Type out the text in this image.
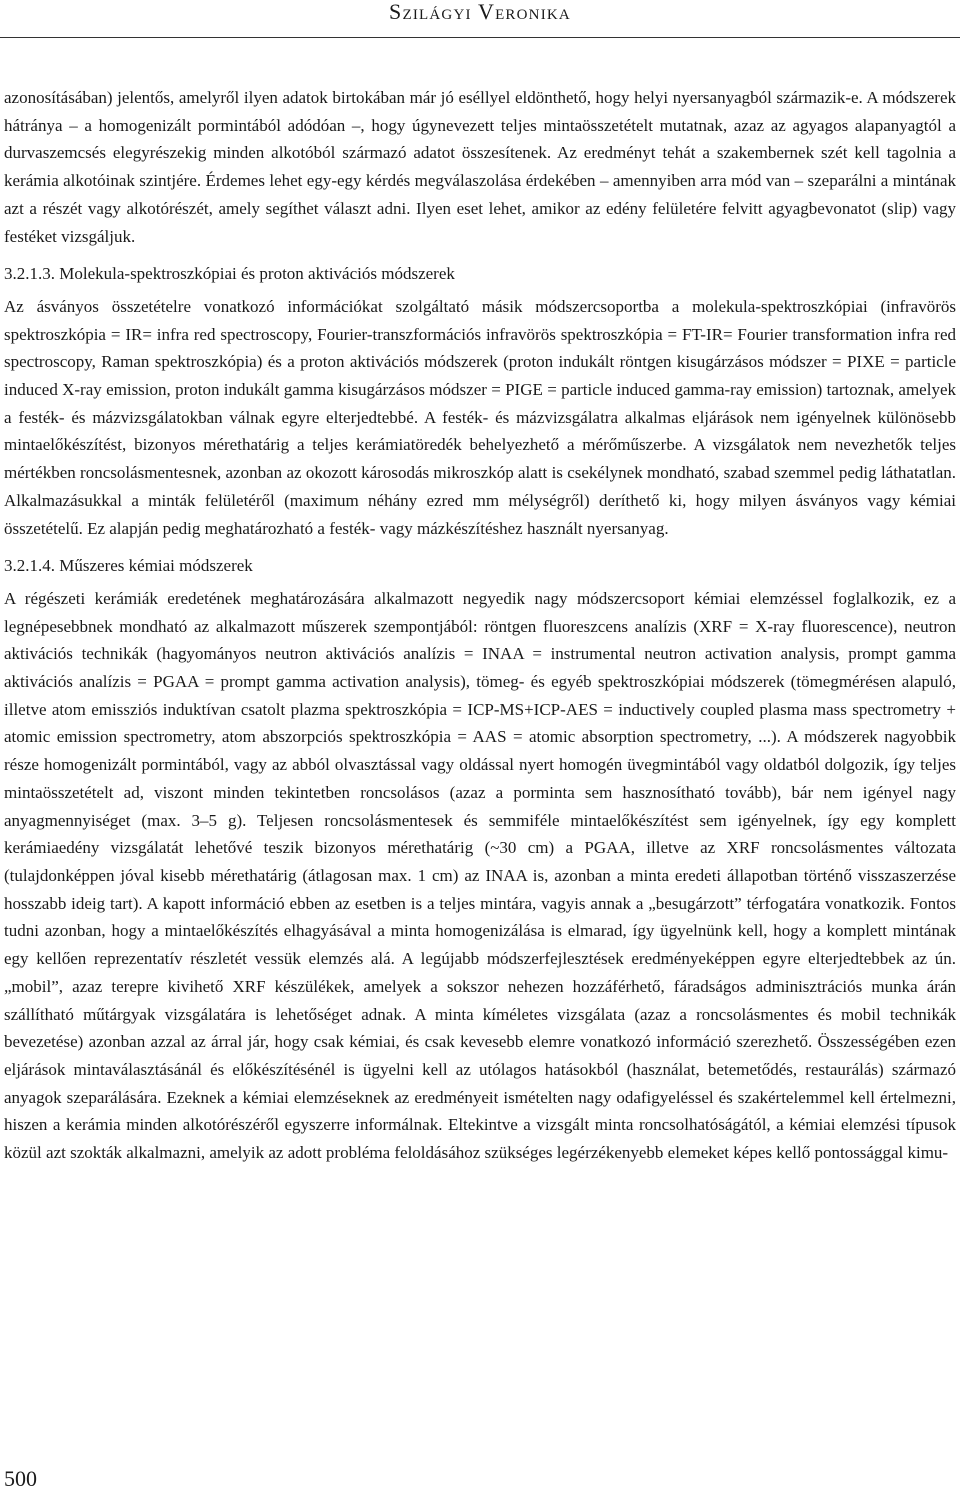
Szilágyi Veronika

azonosításában) jelentős, amelyről ilyen adatok birtokában már jó eséllyel eldönthető, hogy helyi nyersanyagból származik-e. A módszerek hátránya – a homogenizált pormintából adódóan –, hogy úgynevezett teljes mintaösszetételt mutatnak, azaz az agyagos alapanyagtól a durvaszemcsés elegyrészekig minden alkotóból származó adatot összesítenek. Az eredményt tehát a szakembernek szét kell tagolnia a kerámia alkotóinak szintjére. Érdemes lehet egy-egy kérdés megválaszolása érdekében – amennyiben arra mód van – szeparálni a mintának azt a részét vagy alkotórészét, amely segíthet választ adni. Ilyen eset lehet, amikor az edény felületére felvitt agyagbevonatot (slip) vagy festéket vizsgáljuk.

3.2.1.3. Molekula-spektroszkópiai és proton aktivációs módszerek

Az ásványos összetételre vonatkozó információkat szolgáltató másik módszercsoportba a molekula-spektroszkópiai (infravörös spektroszkópia = IR= infra red spectroscopy, Fourier-transzformációs infravörös spektroszkópia = FT-IR= Fourier transformation infra red spectroscopy, Raman spektroszkópia) és a proton aktivációs módszerek (proton indukált röntgen kisugárzásos módszer = PIXE = particle induced X-ray emission, proton indukált gamma kisugárzásos módszer = PIGE = particle induced gamma-ray emission) tartoznak, amelyek a festék- és mázvizsgálatokban válnak egyre elterjedtebbé. A festék- és mázvizsgálatra alkalmas eljárások nem igényelnek különösebb mintaelőkészítést, bizonyos mérethatárig a teljes kerámiatöredék behelyezhető a mérőműszerbe. A vizsgálatok nem nevezhetők teljes mértékben roncsolásmentesnek, azonban az okozott károsodás mikroszkóp alatt is csekélynek mondható, szabad szemmel pedig láthatatlan. Alkalmazásukkal a minták felületéről (maximum néhány ezred mm mélységről) deríthető ki, hogy milyen ásványos vagy kémiai összetételű. Ez alapján pedig meghatározható a festék- vagy mázkészítéshez használt nyersanyag.

3.2.1.4. Műszeres kémiai módszerek

A régészeti kerámiák eredetének meghatározására alkalmazott negyedik nagy módszercsoport kémiai elemzéssel foglalkozik, ez a legnépesebbnek mondható az alkalmazott műszerek szempontjából: röntgen fluoreszcens analízis (XRF = X-ray fluorescence), neutron aktivációs technikák (hagyományos neutron aktivációs analízis = INAA = instrumental neutron activation analysis, prompt gamma aktivációs analízis = PGAA = prompt gamma activation analysis), tömeg- és egyéb spektroszkópiai módszerek (tömegmérésen alapuló, illetve atom emissziós induktívan csatolt plazma spektroszkópia = ICP-MS+ICP-AES = inductively coupled plasma mass spectrometry + atomic emission spectrometry, atom abszorpciós spektroszkópia = AAS = atomic absorption spectrometry, ...). A módszerek nagyobbik része homogenizált pormintából, vagy az abból olvasztással vagy oldással nyert homogén üvegmintából vagy oldatból dolgozik, így teljes mintaösszetételt ad, viszont minden tekintetben roncsolásos (azaz a porminta sem hasznosítható tovább), bár nem igényel nagy anyagmennyiséget (max. 3–5 g). Teljesen roncsolásmentesek és semmiféle mintaelőkészítést sem igényelnek, így egy komplett kerámiaedény vizsgálatát lehetővé teszik bizonyos mérethatárig (~30 cm) a PGAA, illetve az XRF roncsolásmentes változata (tulajdonképpen jóval kisebb mérethatárig (átlagosan max. 1 cm) az INAA is, azonban a minta eredeti állapotban történő visszaszerzése hosszabb ideig tart). A kapott információ ebben az esetben is a teljes mintára, vagyis annak a „besugárzott” térfogatára vonatkozik. Fontos tudni azonban, hogy a mintaelőkészítés elhagyásával a minta homogenizálása is elmarad, így ügyelnünk kell, hogy a komplett mintának egy kellően reprezentatív részletét vessük elemzés alá. A legújabb módszerfejlesztések eredményeképpen egyre elterjedtebbek az ún. „mobil”, azaz terepre kivihető XRF készülékek, amelyek a sokszor nehezen hozzáférhető, fáradságos adminisztrációs munka árán szállítható műtárgyak vizsgálatára is lehetőséget adnak. A minta kíméletes vizsgálata (azaz a roncsolásmentes és mobil technikák bevezetése) azonban azzal az árral jár, hogy csak kémiai, és csak kevesebb elemre vonatkozó információ szerezhető. Összességében ezen eljárások mintaválasztásánál és előkészítésénél is ügyelni kell az utólagos hatásokból (használat, betemetődés, restaurálás) származó anyagok szeparálására. Ezeknek a kémiai elemzéseknek az eredményeit ismételten nagy odafigyeléssel és szakértelemmel kell értelmezni, hiszen a kerámia minden alkotórészéről egyszerre informálnak. Eltekintve a vizsgált minta roncsolhatóságától, a kémiai elemzési típusok közül azt szokták alkalmazni, amelyik az adott probléma feloldásához szükséges legérzékenyebb elemeket képes kellő pontossággal kimu-

500
